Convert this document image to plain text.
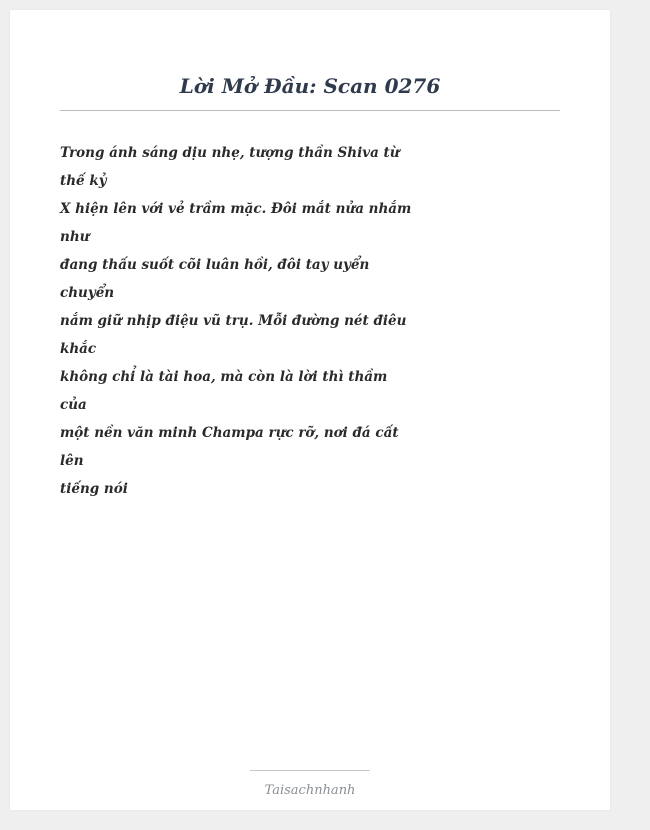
Lời Mở Đầu: Scan 0276
Trong ánh sáng dịu nhẹ, tượng thần Shiva từ
thế kỷ
X hiện lên với vẻ trầm mặc. Đôi mắt nửa nhắm
như
đang thấu suốt cõi luân hồi, đôi tay uyển
chuyển
nắm giữ nhịp điệu vũ trụ. Mỗi đường nét điêu
khắc
không chỉ là tài hoa, mà còn là lời thì thầm
của
một nền văn minh Champa rực rỡ, nơi đá cất
lên
tiếng nói
Taisachnhanh
